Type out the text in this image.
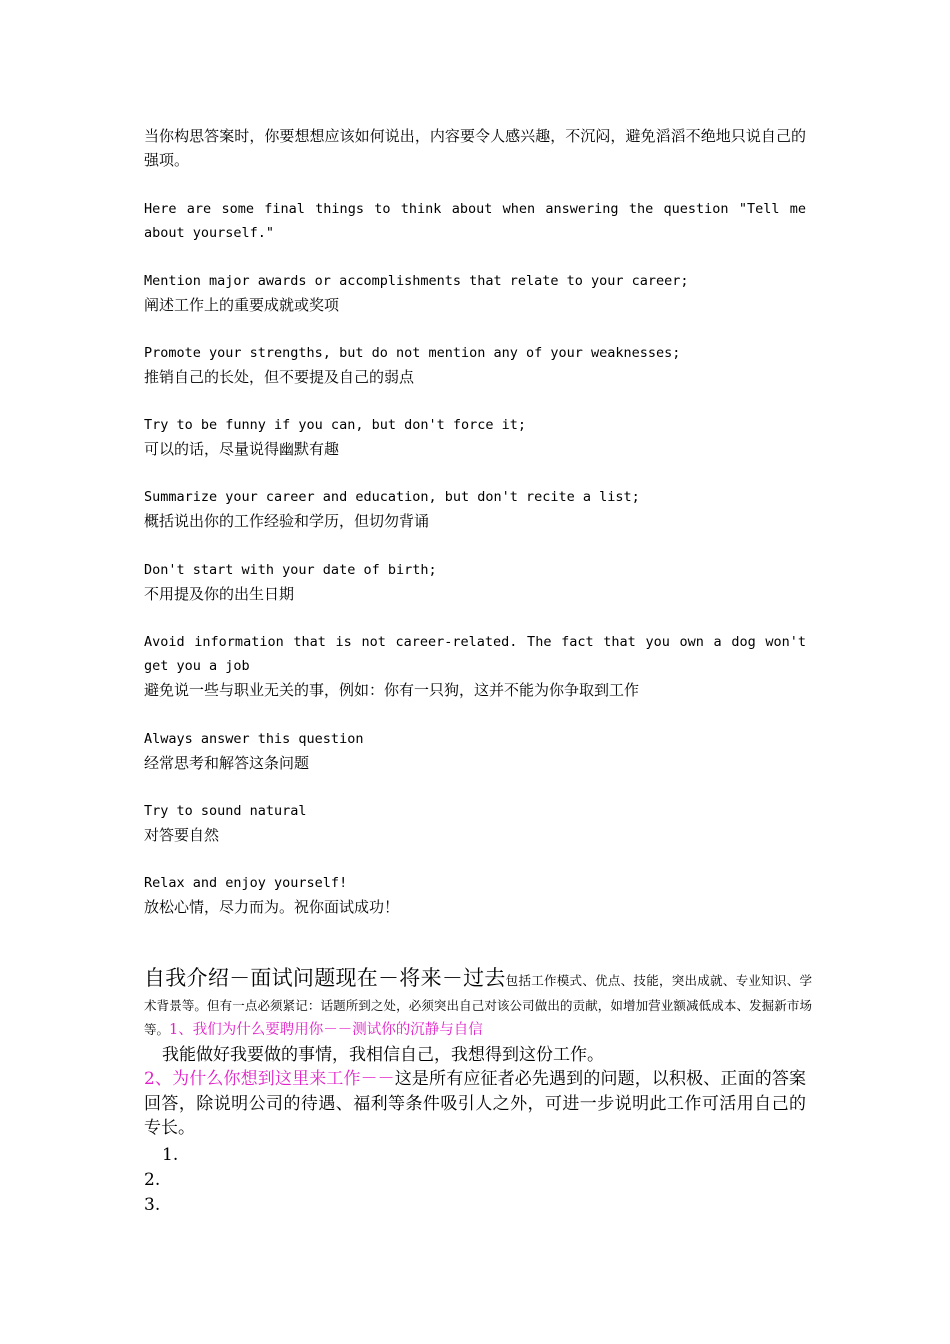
当你构思答案时，你要想想应该如何说出，内容要令人感兴趣，不沉闷，避免滔滔不绝地只说自己的强项。

Here are some final things to think about when answering the question "Tell me about yourself."

Mention major awards or accomplishments that relate to your career;
阐述工作上的重要成就或奖项
Promote your strengths, but do not mention any of your weaknesses;
推销自己的长处，但不要提及自己的弱点
Try to be funny if you can, but don't force it;
可以的话，尽量说得幽默有趣
Summarize your career and education, but don't recite a list;
概括说出你的工作经验和学历，但切勿背诵
Don't start with your date of birth;
不用提及你的出生日期
Avoid information that is not career-related. The fact that you own a dog won't get you a job
避免说一些与职业无关的事，例如：你有一只狗，这并不能为你争取到工作
Always answer this question
经常思考和解答这条问题
Try to sound natural
对答要自然
Relax and enjoy yourself!
放松心情，尽力而为。祝你面试成功！

自我介绍－面试问题现在－将来－过去包括工作模式、优点、技能，突出成就、专业知识、学术背景等。但有一点必须紧记：话题所到之处，必须突出自己对该公司做出的贡献，如增加营业额减低成本、发掘新市场等。1、我们为什么要聘用你－－测试你的沉静与自信

我能做好我要做的事情，我相信自己，我想得到这份工作。

2、为什么你想到这里来工作－－这是所有应征者必先遇到的问题，以积极、正面的答案回答，除说明公司的待遇、福利等条件吸引人之外，可进一步说明此工作可活用自己的专长。

1.

2.

3.
